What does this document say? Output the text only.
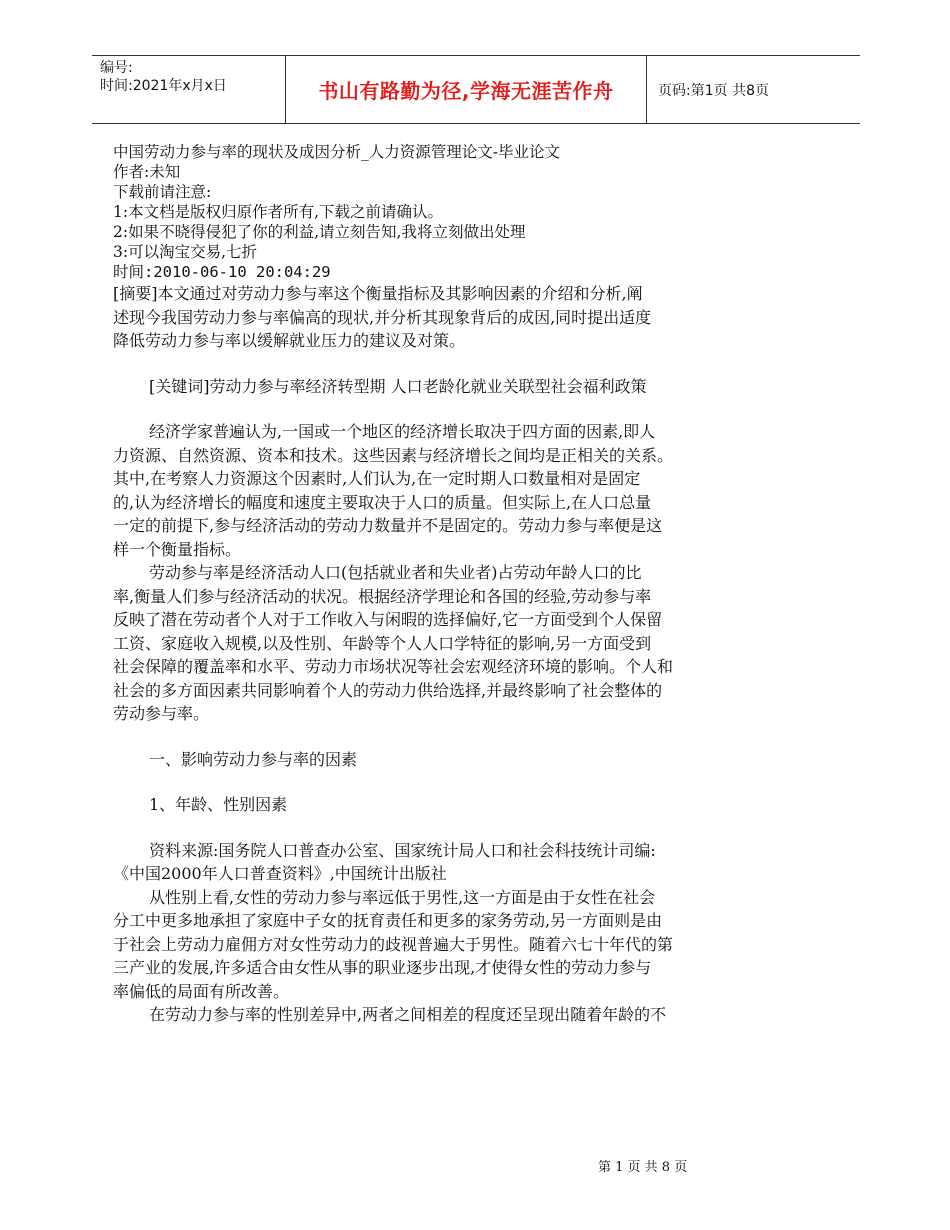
编号:
时间:2021年x月x日	书山有路勤为径,学海无涯苦作舟	页码:第1页 共8页
中国劳动力参与率的现状及成因分析_人力资源管理论文-毕业论文
作者:未知
下载前请注意:
1:本文档是版权归原作者所有,下载之前请确认。
2:如果不晓得侵犯了你的利益,请立刻告知,我将立刻做出处理
3:可以淘宝交易,七折
时间:2010-06-10 20:04:29
[摘要]本文通过对劳动力参与率这个衡量指标及其影响因素的介绍和分析,阐
述现今我国劳动力参与率偏高的现状,并分析其现象背后的成因,同时提出适度
降低劳动力参与率以缓解就业压力的建议及对策。
[关键词]劳动力参与率经济转型期 人口老龄化就业关联型社会福利政策
经济学家普遍认为,一国或一个地区的经济增长取决于四方面的因素,即人
力资源、自然资源、资本和技术。这些因素与经济增长之间均是正相关的关系。
其中,在考察人力资源这个因素时,人们认为,在一定时期人口数量相对是固定
的,认为经济增长的幅度和速度主要取决于人口的质量。但实际上,在人口总量
一定的前提下,参与经济活动的劳动力数量并不是固定的。劳动力参与率便是这
样一个衡量指标。
劳动参与率是经济活动人口(包括就业者和失业者)占劳动年龄人口的比
率,衡量人们参与经济活动的状况。根据经济学理论和各国的经验,劳动参与率
反映了潜在劳动者个人对于工作收入与闲暇的选择偏好,它一方面受到个人保留
工资、家庭收入规模,以及性别、年龄等个人人口学特征的影响,另一方面受到
社会保障的覆盖率和水平、劳动力市场状况等社会宏观经济环境的影响。个人和
社会的多方面因素共同影响着个人的劳动力供给选择,并最终影响了社会整体的
劳动参与率。
一、影响劳动力参与率的因素
1、年龄、性别因素
资料来源:国务院人口普查办公室、国家统计局人口和社会科技统计司编:
《中国2000年人口普查资料》,中国统计出版社
从性别上看,女性的劳动力参与率远低于男性,这一方面是由于女性在社会
分工中更多地承担了家庭中子女的抚育责任和更多的家务劳动,另一方面则是由
于社会上劳动力雇佣方对女性劳动力的歧视普遍大于男性。随着六七十年代的第
三产业的发展,许多适合由女性从事的职业逐步出现,才使得女性的劳动力参与
率偏低的局面有所改善。
在劳动力参与率的性别差异中,两者之间相差的程度还呈现出随着年龄的不
第 1 页 共 8 页
